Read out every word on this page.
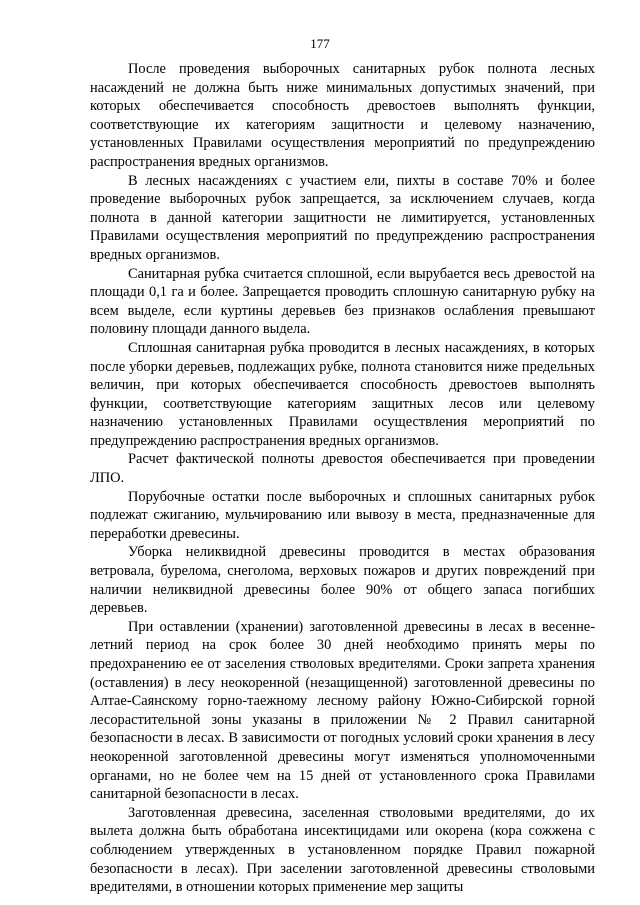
177

После проведения выборочных санитарных рубок полнота лесных насаждений не должна быть ниже минимальных допустимых значений, при которых обеспечивается способность древостоев выполнять функции, соответствующие их категориям защитности и целевому назначению, установленных Правилами осуществления мероприятий по предупреждению распространения вредных организмов.

В лесных насаждениях с участием ели, пихты в составе 70% и более проведение выборочных рубок запрещается, за исключением случаев, когда полнота в данной категории защитности не лимитируется, установленных Правилами осуществления мероприятий по предупреждению распространения вредных организмов.

Санитарная рубка считается сплошной, если вырубается весь древостой на площади 0,1 га и более. Запрещается проводить сплошную санитарную рубку на всем выделе, если куртины деревьев без признаков ослабления превышают половину площади данного выдела.

Сплошная санитарная рубка проводится в лесных насаждениях, в которых после уборки деревьев, подлежащих рубке, полнота становится ниже предельных величин, при которых обеспечивается способность древостоев выполнять функции, соответствующие категориям защитных лесов или целевому назначению установленных Правилами осуществления мероприятий по предупреждению распространения вредных организмов.

Расчет фактической полноты древостоя обеспечивается при проведении ЛПО.

Порубочные остатки после выборочных и сплошных санитарных рубок подлежат сжиганию, мульчированию или вывозу в места, предназначенные для переработки древесины.

Уборка неликвидной древесины проводится в местах образования ветровала, бурелома, снеголома, верховых пожаров и других повреждений при наличии неликвидной древесины более 90% от общего запаса погибших деревьев.

При оставлении (хранении) заготовленной древесины в лесах в весенне-летний период на срок более 30 дней необходимо принять меры по предохранению ее от заселения стволовых вредителями. Сроки запрета хранения (оставления) в лесу неокоренной (незащищенной) заготовленной древесины по Алтае-Саянскому горно-таежному лесному району Южно-Сибирской горной лесорастительной зоны указаны в приложении № 2 Правил санитарной безопасности в лесах. В зависимости от погодных условий сроки хранения в лесу неокоренной заготовленной древесины могут изменяться уполномоченными органами, но не более чем на 15 дней от установленного срока Правилами санитарной безопасности в лесах.

Заготовленная древесина, заселенная стволовыми вредителями, до их вылета должна быть обработана инсектицидами или окорена (кора сожжена с соблюдением утвержденных в установленном порядке Правил пожарной безопасности в лесах). При заселении заготовленной древесины стволовыми вредителями, в отношении которых применение мер защиты
